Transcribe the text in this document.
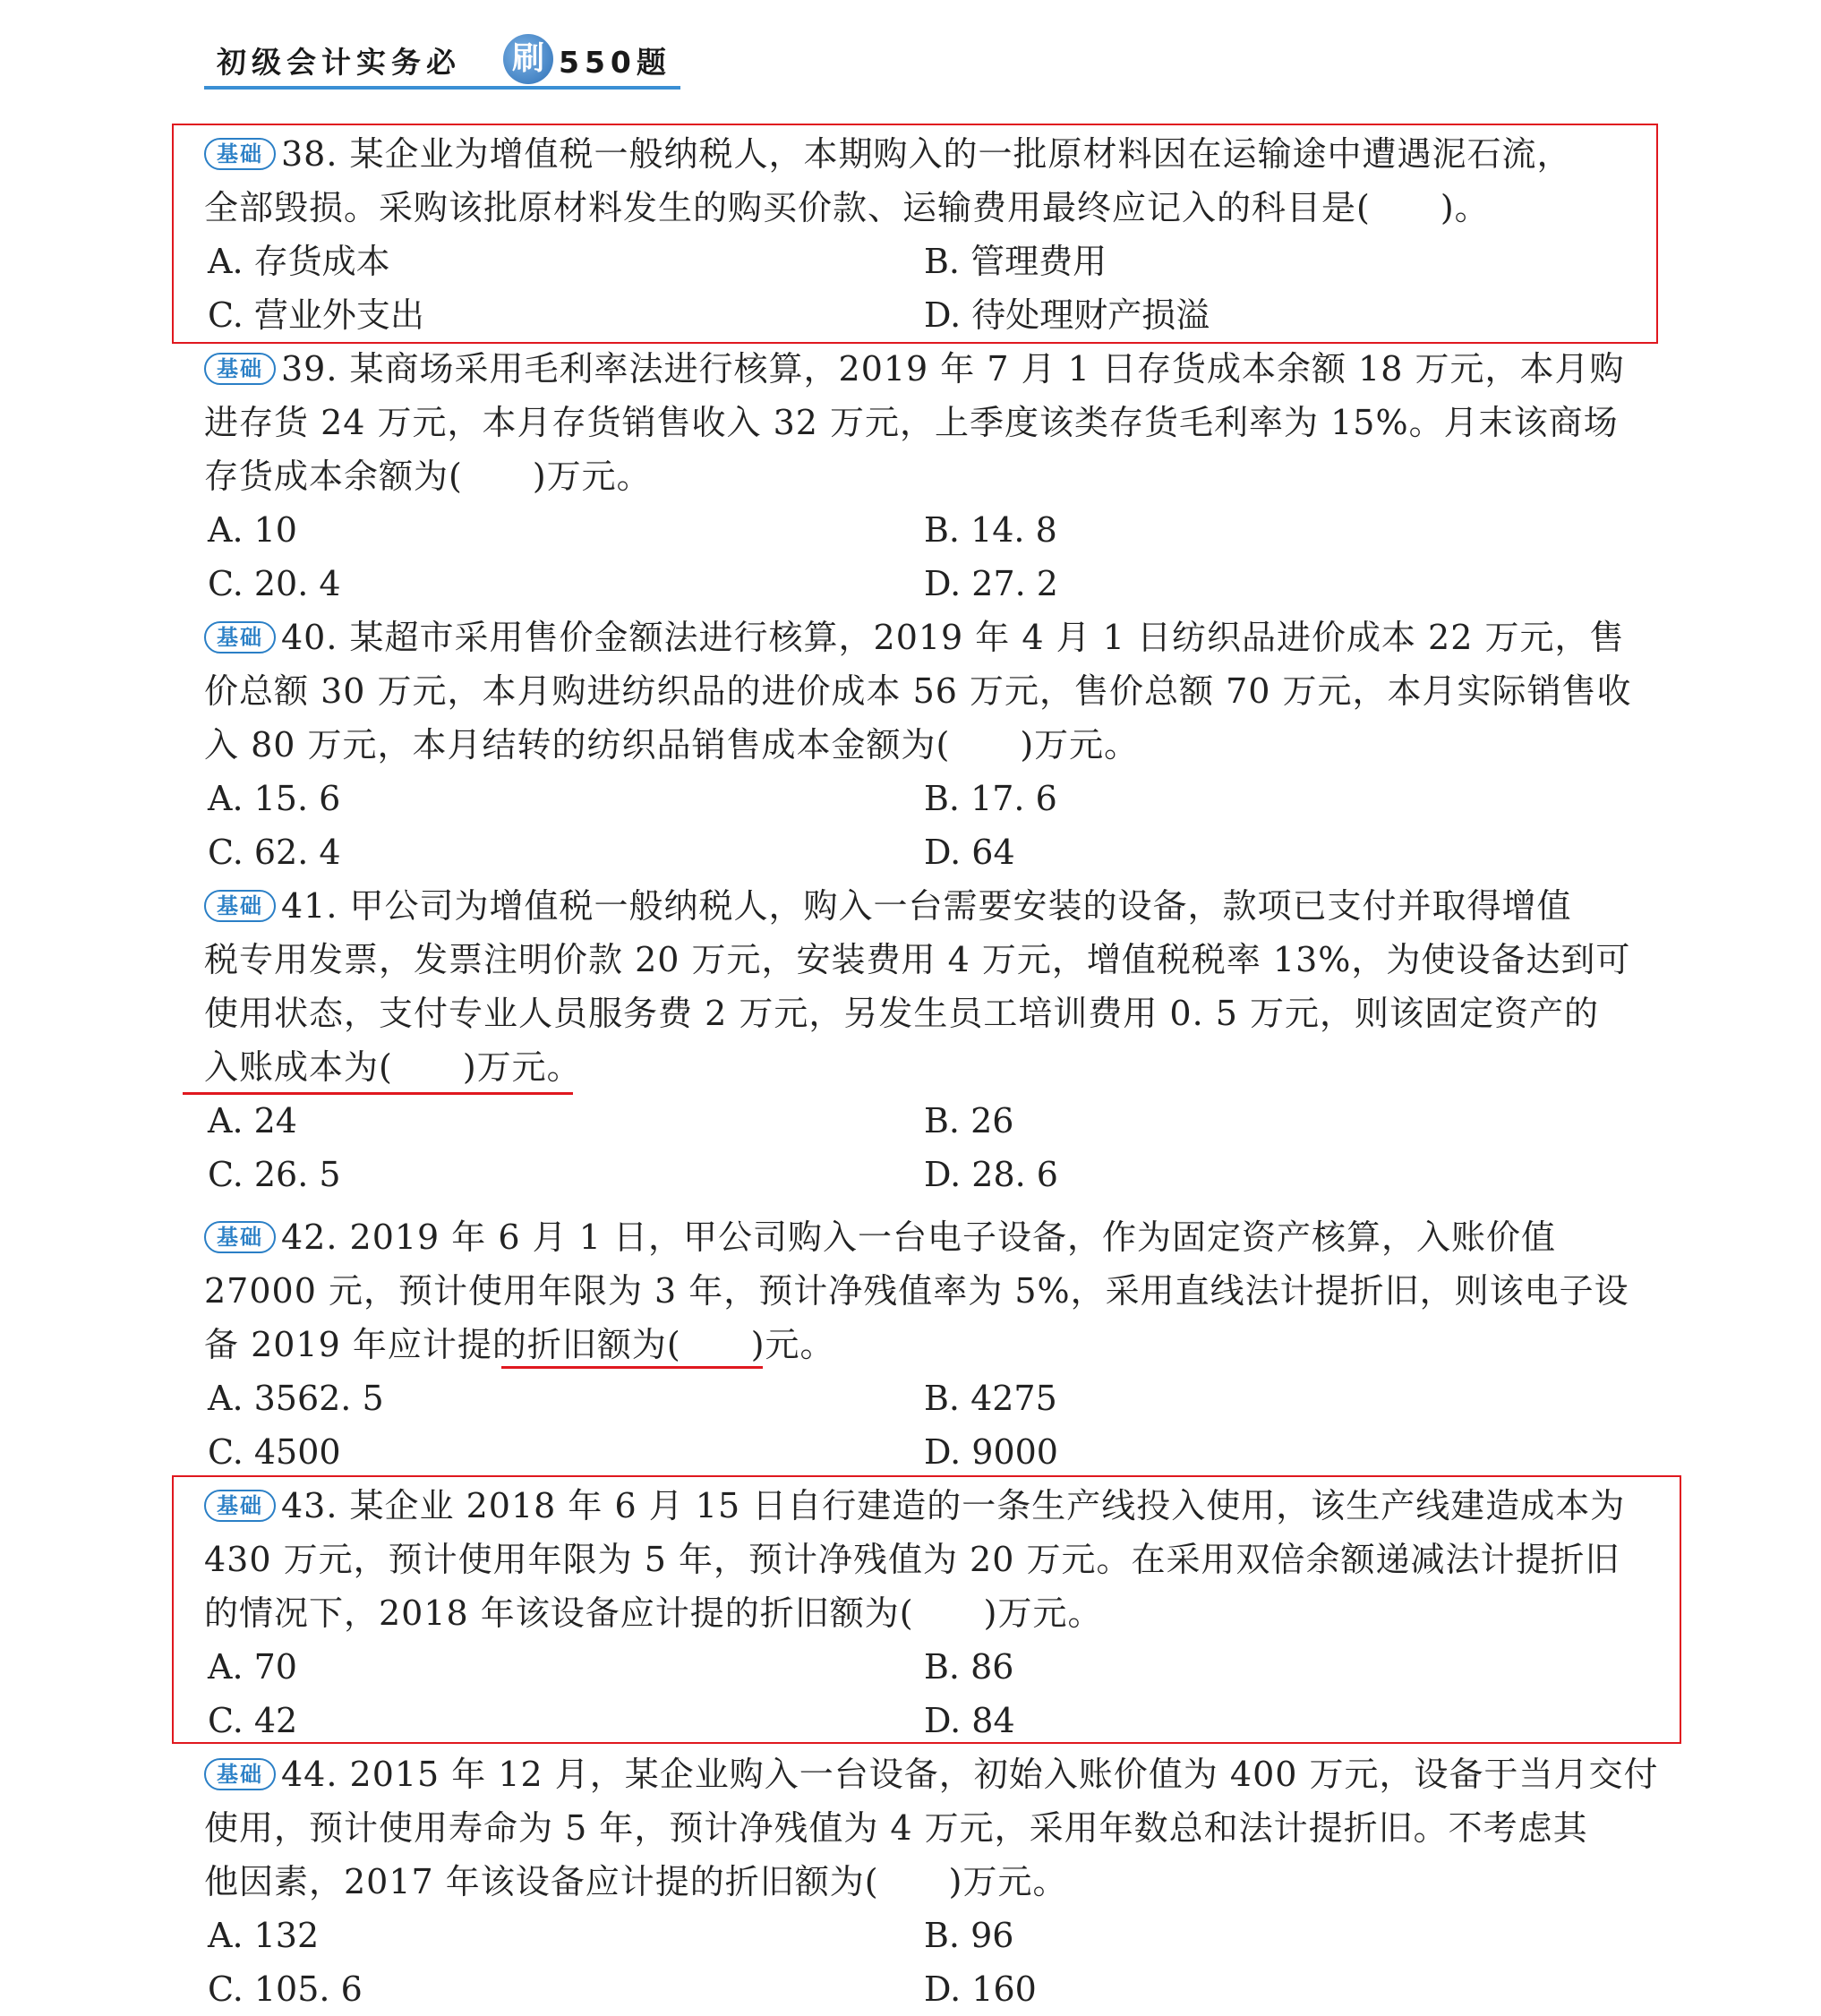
初级会计实务必 刷 550题
基础 38. 某企业为增值税一般纳税人，本期购入的一批原材料因在运输途中遭遇泥石流，
全部毁损。采购该批原材料发生的购买价款、运输费用最终应记入的科目是(　　)。
A. 存货成本	B. 管理费用
C. 营业外支出	D. 待处理财产损溢
基础 39. 某商场采用毛利率法进行核算，2019 年 7 月 1 日存货成本余额 18 万元，本月购
进存货 24 万元，本月存货销售收入 32 万元，上季度该类存货毛利率为 15%。月末该商场
存货成本余额为(　　)万元。
A. 10	B. 14. 8
C. 20. 4	D. 27. 2
基础 40. 某超市采用售价金额法进行核算，2019 年 4 月 1 日纺织品进价成本 22 万元，售
价总额 30 万元，本月购进纺织品的进价成本 56 万元，售价总额 70 万元，本月实际销售收
入 80 万元，本月结转的纺织品销售成本金额为(　　)万元。
A. 15. 6	B. 17. 6
C. 62. 4	D. 64
基础 41. 甲公司为增值税一般纳税人，购入一台需要安装的设备，款项已支付并取得增值
税专用发票，发票注明价款 20 万元，安装费用 4 万元，增值税税率 13%，为使设备达到可
使用状态，支付专业人员服务费 2 万元，另发生员工培训费用 0. 5 万元，则该固定资产的
入账成本为(　　)万元。
A. 24	B. 26
C. 26. 5	D. 28. 6
基础 42. 2019 年 6 月 1 日，甲公司购入一台电子设备，作为固定资产核算，入账价值
27000 元，预计使用年限为 3 年，预计净残值率为 5%，采用直线法计提折旧，则该电子设
备 2019 年应计提的折旧额为(　　)元。
A. 3562. 5	B. 4275
C. 4500	D. 9000
基础 43. 某企业 2018 年 6 月 15 日自行建造的一条生产线投入使用，该生产线建造成本为
430 万元，预计使用年限为 5 年，预计净残值为 20 万元。在采用双倍余额递减法计提折旧
的情况下，2018 年该设备应计提的折旧额为(　　)万元。
A. 70	B. 86
C. 42	D. 84
基础 44. 2015 年 12 月，某企业购入一台设备，初始入账价值为 400 万元，设备于当月交付
使用，预计使用寿命为 5 年，预计净残值为 4 万元，采用年数总和法计提折旧。不考虑其
他因素，2017 年该设备应计提的折旧额为(　　)万元。
A. 132	B. 96
C. 105. 6	D. 160
